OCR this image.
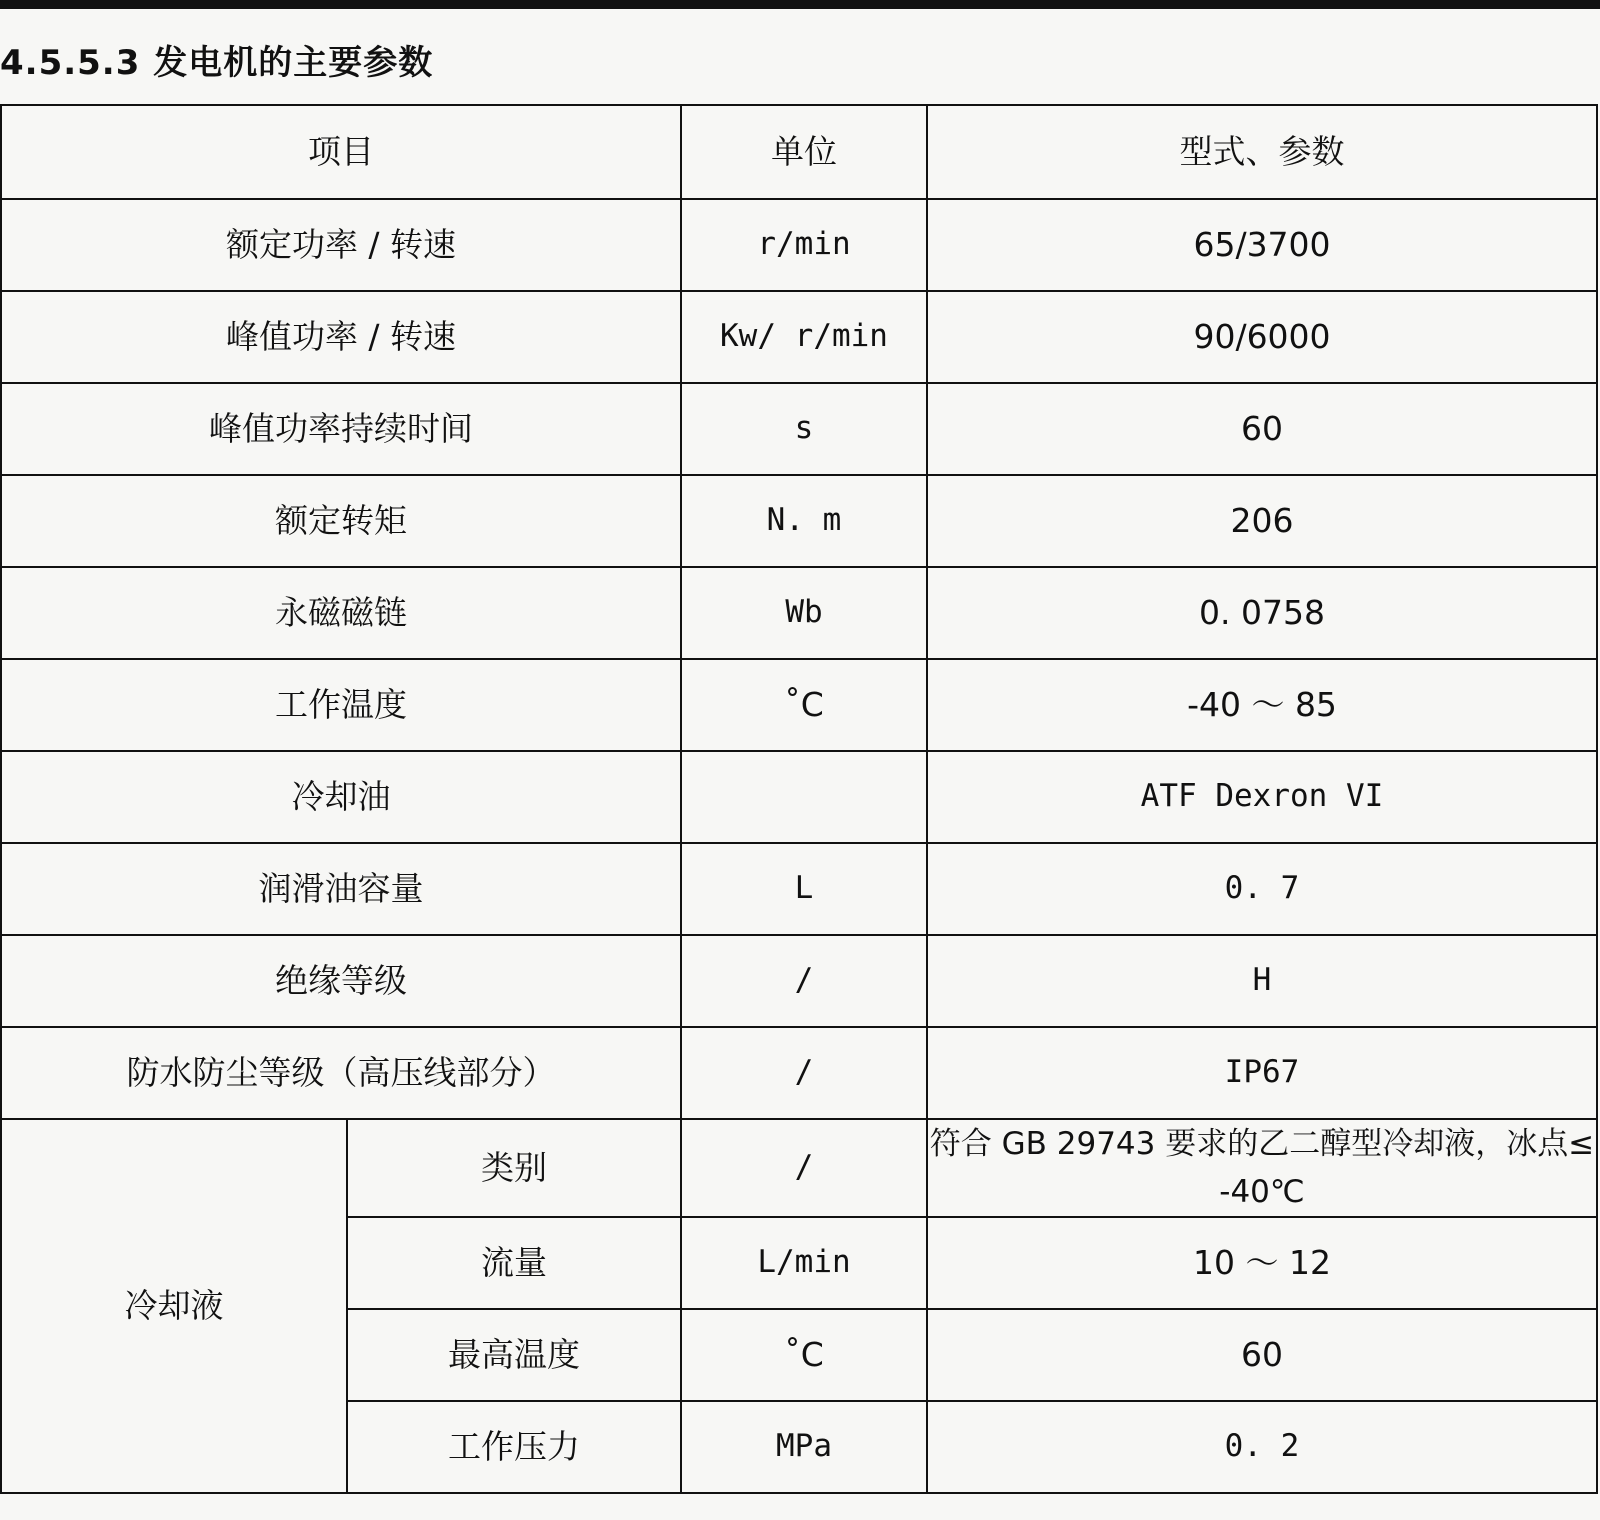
4.5.5.3 发电机的主要参数
项目		单位	型式、参数
额定功率 / 转速		r/min	65/3700
峰值功率 / 转速		Kw/ r/min	90/6000
峰值功率持续时间		s	60
额定转矩		N. m	206
永磁磁链		Wb	0. 0758
工作温度		˚C	-40 ～ 85
冷却油			ATF Dexron VI
润滑油容量		L	0. 7
绝缘等级		/	H
防水防尘等级（高压线部分）		/	IP67
冷却液	类别	/	符合 GB 29743 要求的乙二醇型冷却液，冰点≤ -40℃
	流量	L/min	10 ～ 12
	最高温度	˚C	60
	工作压力	MPa	0. 2
